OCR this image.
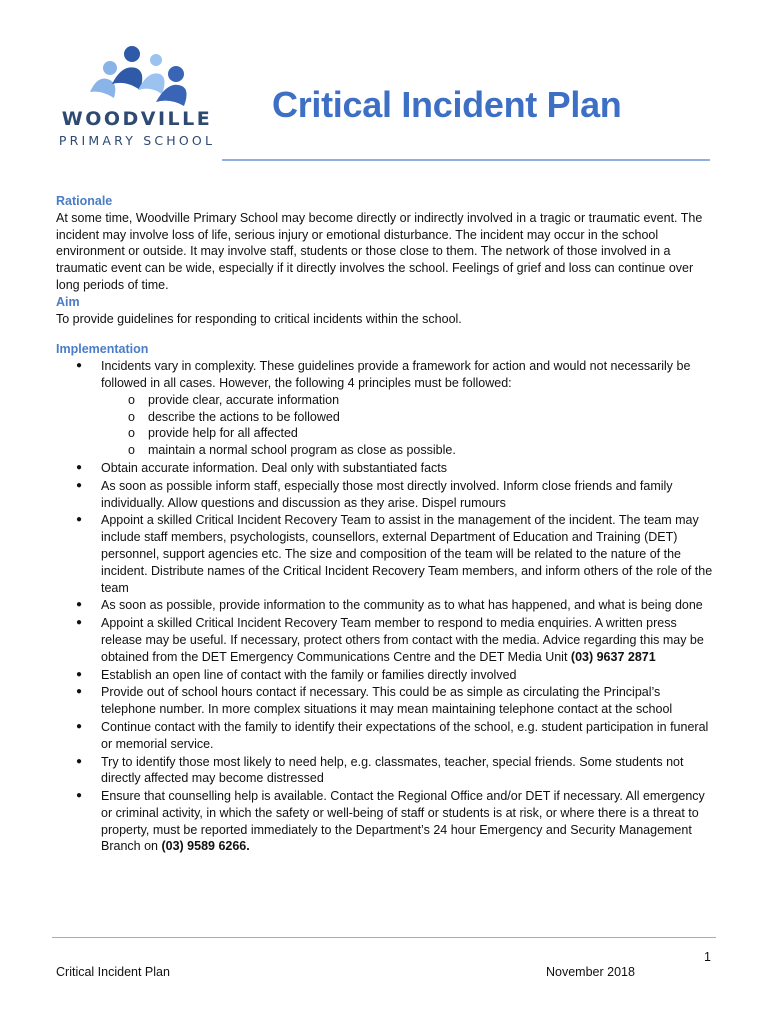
WOODVILLE
PRIMARY SCHOOL
Critical Incident Plan

Rationale

At some time, Woodville Primary School may become directly or indirectly involved in a tragic or traumatic event. The incident may involve loss of life, serious injury or emotional disturbance. The incident may occur in the school environment or outside. It may involve staff, students or those close to them. The network of those involved in a traumatic event can be wide, especially if it directly involves the school. Feelings of grief and loss can continue over long periods of time.

Aim

To provide guidelines for responding to critical incidents within the school.

Implementation

● Incidents vary in complexity. These guidelines provide a framework for action and would not necessarily be followed in all cases. However, the following 4 principles must be followed:
o provide clear, accurate information
o describe the actions to be followed
o provide help for all affected
o maintain a normal school program as close as possible.
● Obtain accurate information. Deal only with substantiated facts
● As soon as possible inform staff, especially those most directly involved. Inform close friends and family individually. Allow questions and discussion as they arise. Dispel rumours
● Appoint a skilled Critical Incident Recovery Team to assist in the management of the incident. The team may include staff members, psychologists, counsellors, external Department of Education and Training (DET) personnel, support agencies etc. The size and composition of the team will be related to the nature of the incident. Distribute names of the Critical Incident Recovery Team members, and inform others of the role of the team
● As soon as possible, provide information to the community as to what has happened, and what is being done
● Appoint a skilled Critical Incident Recovery Team member to respond to media enquiries. A written press release may be useful. If necessary, protect others from contact with the media. Advice regarding this may be obtained from the DET Emergency Communications Centre and the DET Media Unit (03) 9637 2871
● Establish an open line of contact with the family or families directly involved
● Provide out of school hours contact if necessary. This could be as simple as circulating the Principal’s telephone number. In more complex situations it may mean maintaining telephone contact at the school
● Continue contact with the family to identify their expectations of the school, e.g. student participation in funeral or memorial service.
● Try to identify those most likely to need help, e.g. classmates, teacher, special friends. Some students not directly affected may become distressed
● Ensure that counselling help is available. Contact the Regional Office and/or DET if necessary. All emergency or criminal activity, in which the safety or well-being of staff or students is at risk, or where there is a threat to property, must be reported immediately to the Department’s 24 hour Emergency and Security Management Branch on (03) 9589 6266.
1
Critical Incident Plan	November 2018
